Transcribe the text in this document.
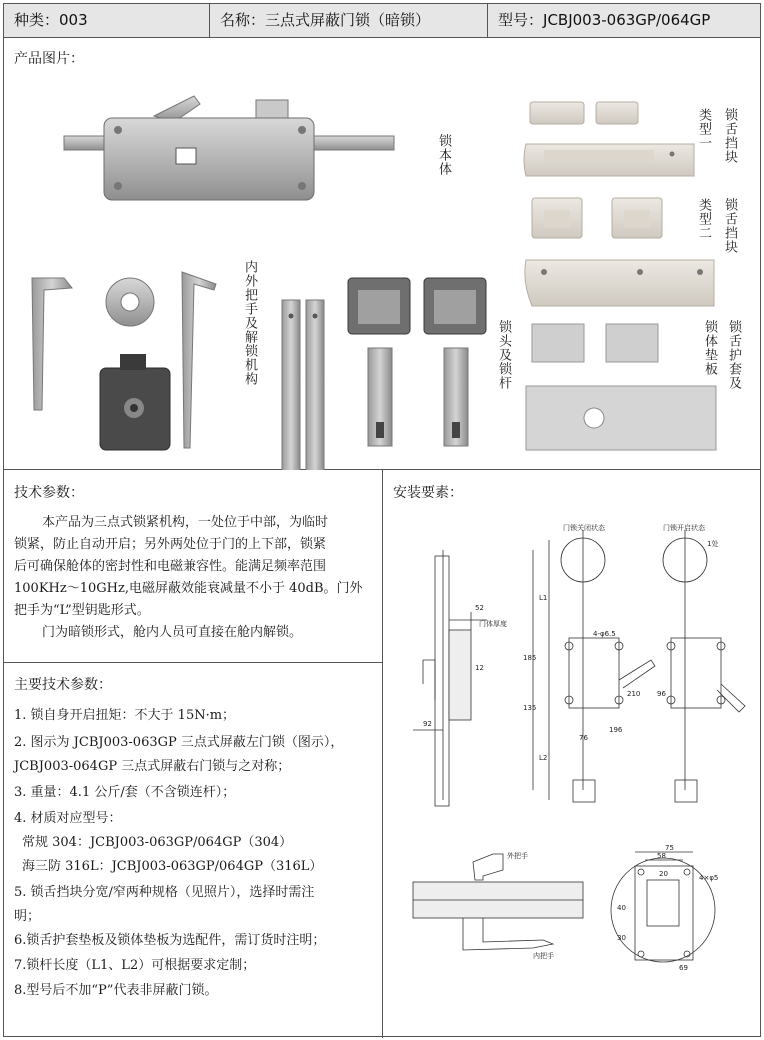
种类：003	名称：三点式屏蔽门锁（暗锁）	型号：JCBJ003-063GP/064GP
产品图片：
锁本体
内外把手及解锁机构	锁头及锁杆
类型一 锁舌挡块
类型二 锁舌挡块
锁体垫板 锁舌护套及
技术参数：
本产品为三点式锁紧机构，一处位于中部，为临时
锁紧，防止自动开启；另外两处位于门的上下部，锁紧
后可确保舱体的密封性和电磁兼容性。能满足频率范围
100KHz～10GHz,电磁屏蔽效能衰减量不小于 40dB。门外
把手为“L”型钥匙形式。
门为暗锁形式，舱内人员可直接在舱内解锁。
主要技术参数：
1. 锁自身开启扭矩：不大于 15N·m；
2. 图示为 JCBJ003-063GP 三点式屏蔽左门锁（图示），
JCBJ003-064GP 三点式屏蔽右门锁与之对称；
3. 重量：4.1 公斤/套（不含锁连杆）；
4. 材质对应型号：
常规 304：JCBJ003-063GP/064GP（304）
海三防 316L：JCBJ003-063GP/064GP（316L）
5. 锁舌挡块分宽/窄两种规格（见照片），选择时需注
明；
6.锁舌护套垫板及锁体垫板为选配件，需订货时注明；
7.锁杆长度（L1、L2）可根据要求定制；
8.型号后不加“P”代表非屏蔽门锁。
安装要素：
52
门体厚度
12
92
门锁关闭状态
L1
L2
185
135
4-φ6.5
210
196
76
门锁开启状态
1处
96
外把手
内把手
75
58
20	4×φ5
40
30
69
